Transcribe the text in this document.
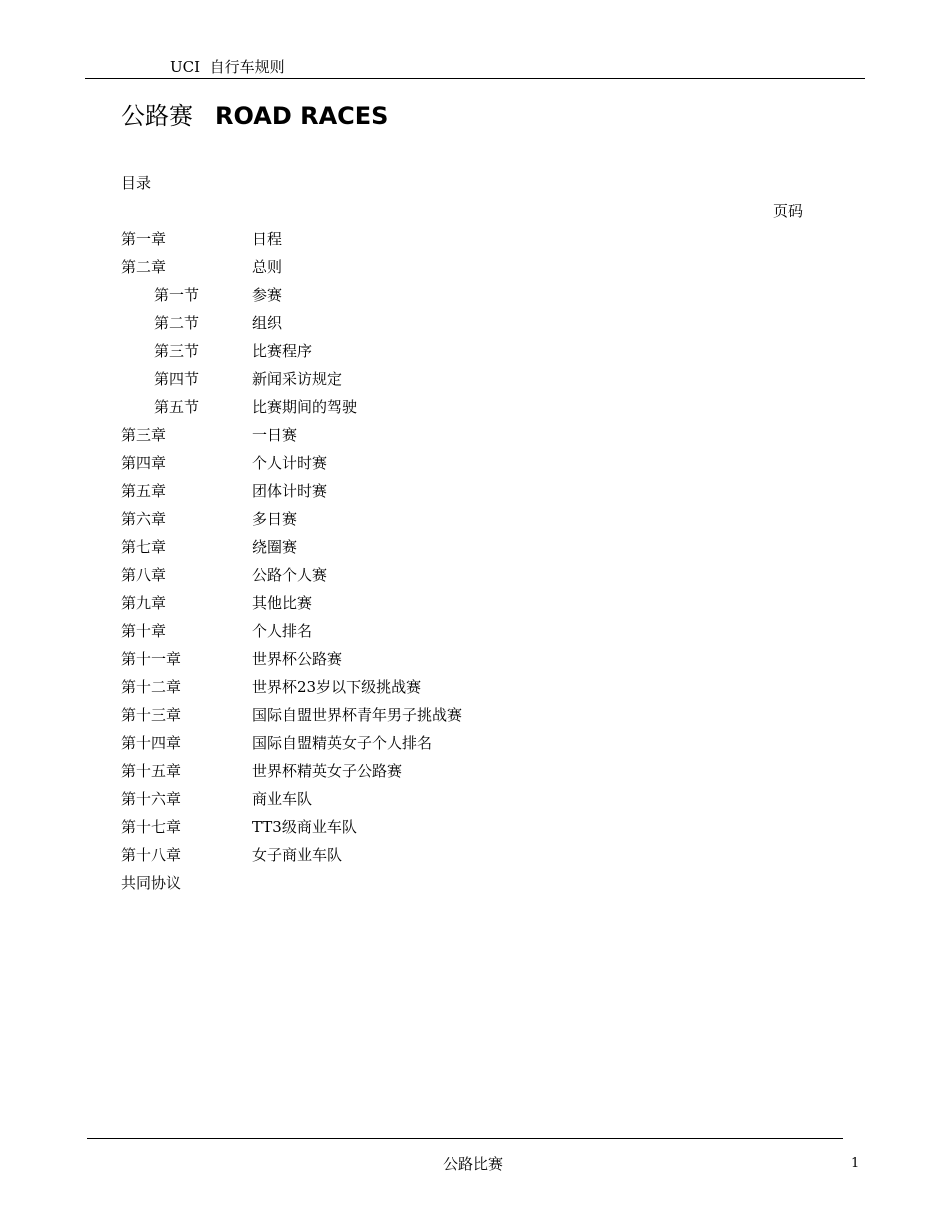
UCI  自行车规则
公路赛 ROAD RACES
目录
页码
第一章	日程
第二章	总则
第一节	参赛
第二节	组织
第三节	比赛程序
第四节	新闻采访规定
第五节	比赛期间的驾驶
第三章	一日赛
第四章	个人计时赛
第五章	团体计时赛
第六章	多日赛
第七章	绕圈赛
第八章	公路个人赛
第九章	其他比赛
第十章	个人排名
第十一章	世界杯公路赛
第十二章	世界杯23岁以下级挑战赛
第十三章	国际自盟世界杯青年男子挑战赛
第十四章	国际自盟精英女子个人排名
第十五章	世界杯精英女子公路赛
第十六章	商业车队
第十七章	TT3级商业车队
第十八章	女子商业车队
共同协议
公路比赛	1
